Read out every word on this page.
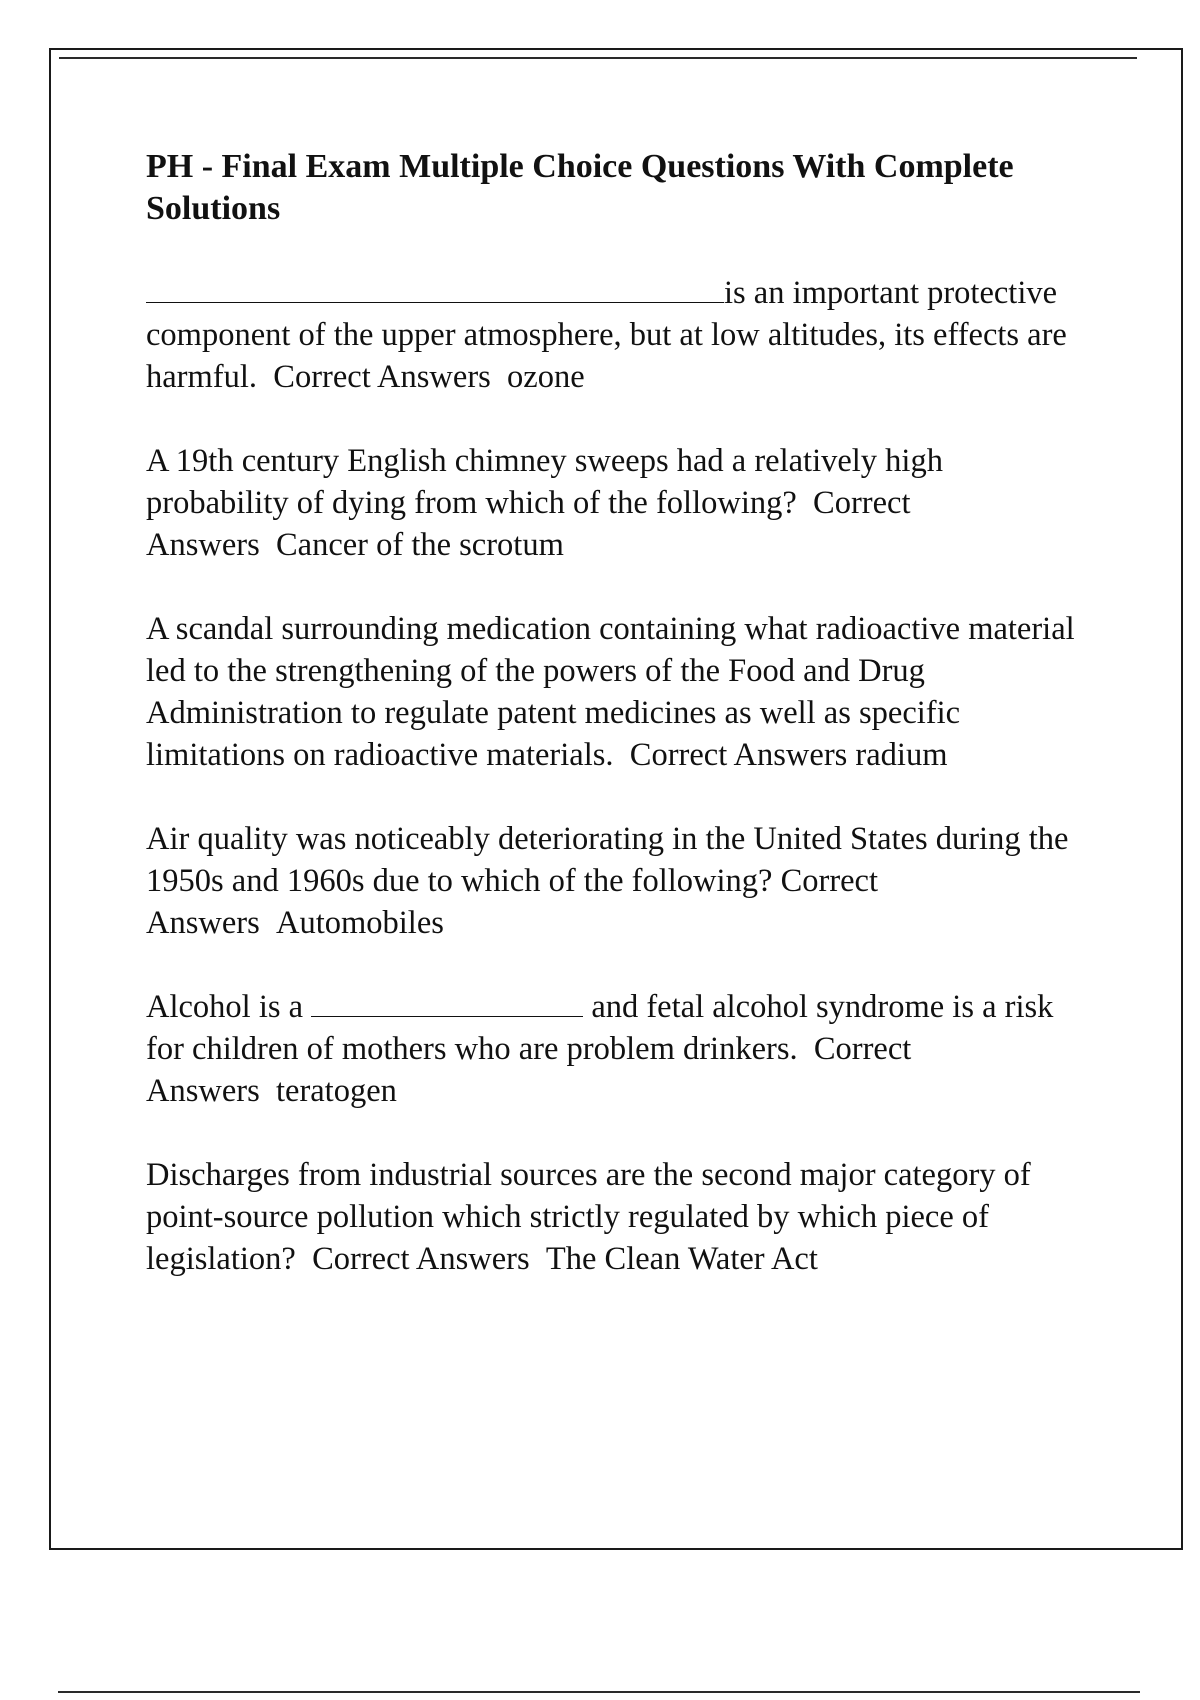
PH - Final Exam Multiple Choice Questions With Complete Solutions

is an important protective component of the upper atmosphere, but at low altitudes, its effects are harmful. Correct Answers ozone

A 19th century English chimney sweeps had a relatively high probability of dying from which of the following? Correct Answers Cancer of the scrotum

A scandal surrounding medication containing what radioactive material led to the strengthening of the powers of the Food and Drug Administration to regulate patent medicines as well as specific limitations on radioactive materials. Correct Answers radium

Air quality was noticeably deteriorating in the United States during the 1950s and 1960s due to which of the following? Correct Answers Automobiles

Alcohol is a	and fetal alcohol syndrome is a risk for children of mothers who are problem drinkers. Correct Answers teratogen

Discharges from industrial sources are the second major category of point-source pollution which strictly regulated by which piece of legislation? Correct Answers The Clean Water Act
